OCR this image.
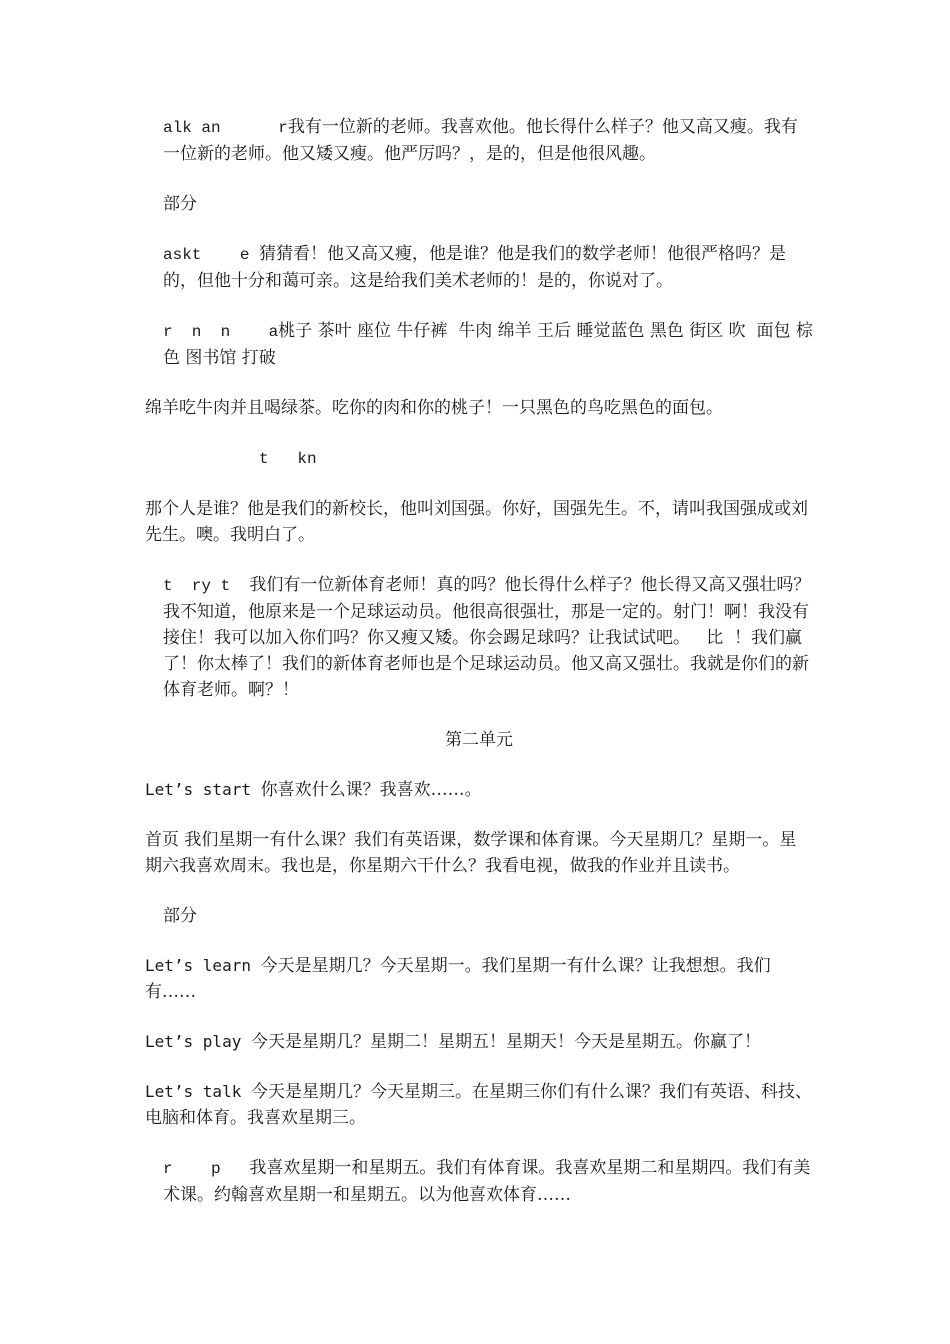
alk an      r我有一位新的老师。我喜欢他。他长得什么样子？他又高又瘦。我有一位新的老师。他又矮又瘦。他严厉吗？，是的，但是他很风趣。

部分

askt    e 猜猜看！他又高又瘦，他是谁？他是我们的数学老师！他很严格吗？是的，但他十分和蔼可亲。这是给我们美术老师的！是的，你说对了。

r  n  n    a桃子 茶叶 座位 牛仔裤  牛肉 绵羊 王后 睡觉蓝色 黑色 街区 吹  面包 棕色 图书馆 打破

绵羊吃牛肉并且喝绿茶。吃你的肉和你的桃子！一只黑色的鸟吃黑色的面包。

t   kn

那个人是谁？他是我们的新校长，他叫刘国强。你好，国强先生。不，请叫我国强成或刘先生。噢。我明白了。

t  ry t  我们有一位新体育老师！真的吗？他长得什么样子？他长得又高又强壮吗？我不知道，他原来是一个足球运动员。他很高很强壮，那是一定的。射门！啊！我没有接住！我可以加入你们吗？你又瘦又矮。你会踢足球吗？让我试试吧。   比  ！我们赢了！你太棒了！我们的新体育老师也是个足球运动员。他又高又强壮。我就是你们的新体育老师。啊？！

第二单元

Let’s start 你喜欢什么课？我喜欢……。

首页 我们星期一有什么课？我们有英语课，数学课和体育课。今天星期几？星期一。星期六我喜欢周末。我也是，你星期六干什么？我看电视，做我的作业并且读书。

部分

Let’s learn 今天是星期几？今天星期一。我们星期一有什么课？让我想想。我们有……

Let’s play 今天是星期几？星期二！星期五！星期天！今天是星期五。你赢了！

Let’s talk 今天是星期几？今天星期三。在星期三你们有什么课？我们有英语、科技、电脑和体育。我喜欢星期三。

r    p   我喜欢星期一和星期五。我们有体育课。我喜欢星期二和星期四。我们有美术课。约翰喜欢星期一和星期五。以为他喜欢体育……
